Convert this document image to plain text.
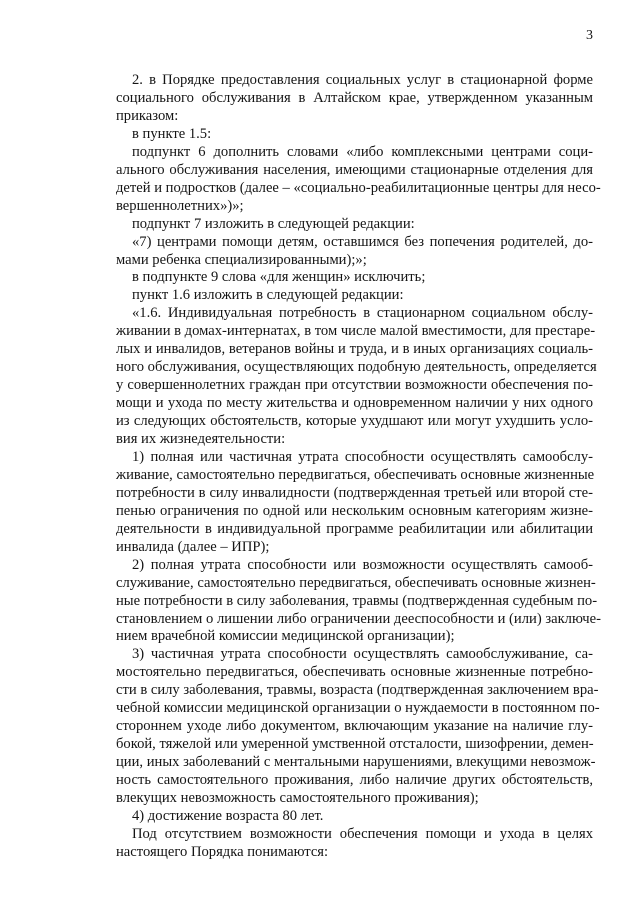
3
2. в Порядке предоставления социальных услуг в стационарной форме
социального обслуживания в Алтайском крае, утвержденном указанным
приказом:
в пункте 1.5:
подпункт 6 дополнить словами «либо комплексными центрами соци-
ального обслуживания населения, имеющими стационарные отделения для
детей и подростков (далее – «социально-реабилитационные центры для несо-
вершеннолетних»)»;
подпункт 7 изложить в следующей редакции:
«7) центрами помощи детям, оставшимся без попечения родителей, до-
мами ребенка специализированными);»;
в подпункте 9 слова «для женщин» исключить;
пункт 1.6 изложить в следующей редакции:
«1.6. Индивидуальная потребность в стационарном социальном обслу-
живании в домах-интернатах, в том числе малой вместимости, для престаре-
лых и инвалидов, ветеранов войны и труда, и в иных организациях социаль-
ного обслуживания, осуществляющих подобную деятельность, определяется
у совершеннолетних граждан при отсутствии возможности обеспечения по-
мощи и ухода по месту жительства и одновременном наличии у них одного
из следующих обстоятельств, которые ухудшают или могут ухудшить усло-
вия их жизнедеятельности:
1) полная или частичная утрата способности осуществлять самообслу-
живание, самостоятельно передвигаться, обеспечивать основные жизненные
потребности в силу инвалидности (подтвержденная третьей или второй сте-
пенью ограничения по одной или нескольким основным категориям жизне-
деятельности в индивидуальной программе реабилитации или абилитации
инвалида (далее – ИПР);
2) полная утрата способности или возможности осуществлять самооб-
служивание, самостоятельно передвигаться, обеспечивать основные жизнен-
ные потребности в силу заболевания, травмы (подтвержденная судебным по-
становлением о лишении либо ограничении дееспособности и (или) заключе-
нием врачебной комиссии медицинской организации);
3) частичная утрата способности осуществлять самообслуживание, са-
мостоятельно передвигаться, обеспечивать основные жизненные потребно-
сти в силу заболевания, травмы, возраста (подтвержденная заключением вра-
чебной комиссии медицинской организации о нуждаемости в постоянном по-
стороннем уходе либо документом, включающим указание на наличие глу-
бокой, тяжелой или умеренной умственной отсталости, шизофрении, демен-
ции, иных заболеваний с ментальными нарушениями, влекущими невозмож-
ность самостоятельного проживания, либо наличие других обстоятельств,
влекущих невозможность самостоятельного проживания);
4) достижение возраста 80 лет.
Под отсутствием возможности обеспечения помощи и ухода в целях
настоящего Порядка понимаются:
